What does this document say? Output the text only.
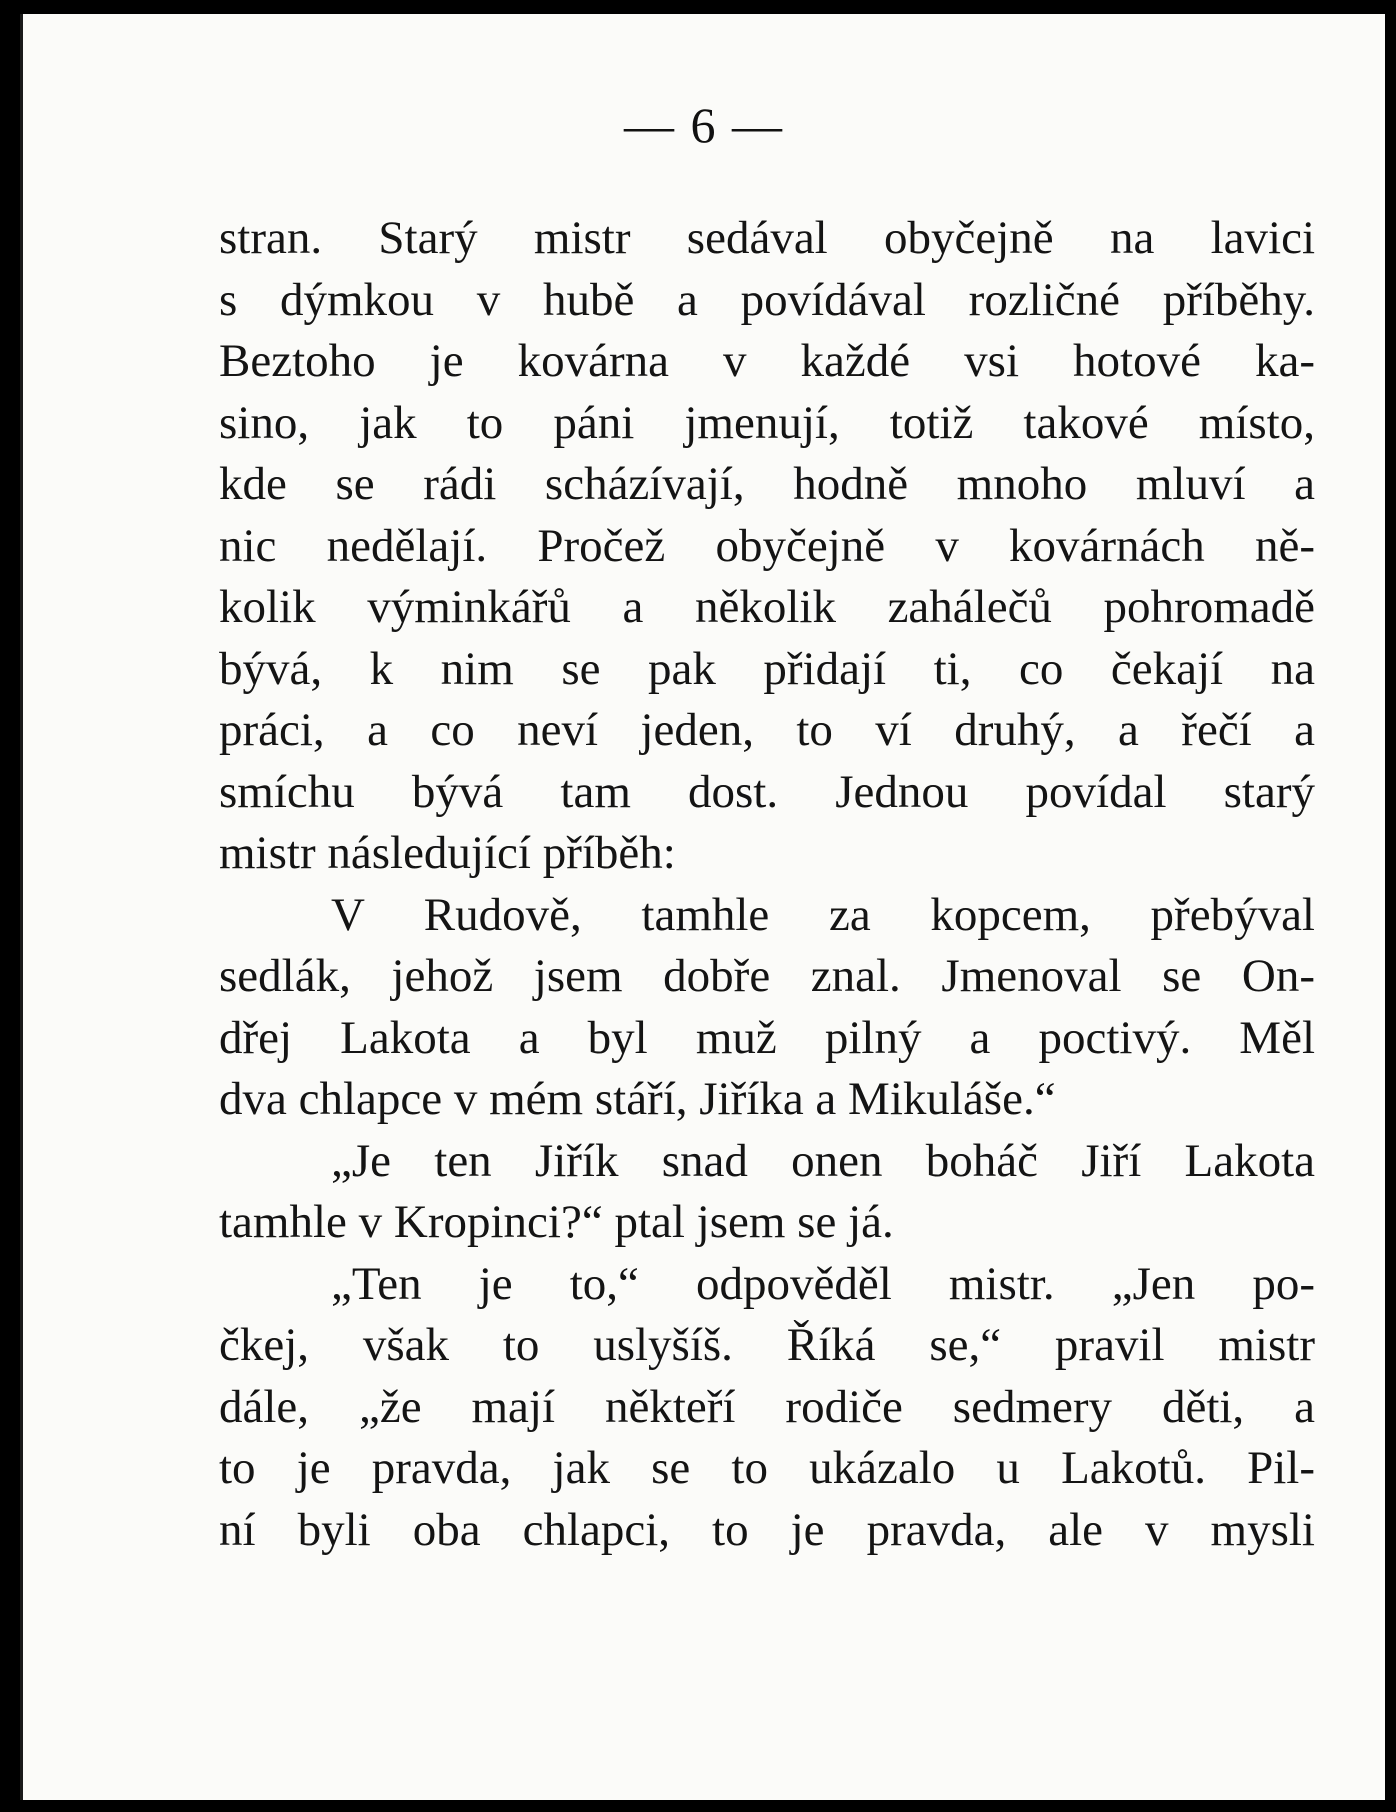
— 6 —
stran. Starý mistr sedával obyčejně na lavici
s dýmkou v hubě a povídával rozličné příběhy.
Beztoho je kovárna v každé vsi hotové ka-
sino, jak to páni jmenují, totiž takové místo,
kde se rádi scházívají, hodně mnoho mluví a
nic nedělají. Pročež obyčejně v kovárnách ně-
kolik výminkářů a několik zahálečů pohromadě
bývá, k nim se pak přidají ti, co čekají na
práci, a co neví jeden, to ví druhý, a řečí a
smíchu bývá tam dost. Jednou povídal starý
mistr následující příběh:
V Rudově, tamhle za kopcem, přebýval
sedlák, jehož jsem dobře znal. Jmenoval se On-
dřej Lakota a byl muž pilný a poctivý. Měl
dva chlapce v mém stáří, Jiříka a Mikuláše.“
„Je ten Jiřík snad onen boháč Jiří Lakota
tamhle v Kropinci?“ ptal jsem se já.
„Ten je to,“ odpověděl mistr. „Jen po-
čkej, však to uslyšíš. Říká se,“ pravil mistr
dále, „že mají někteří rodiče sedmery děti, a
to je pravda, jak se to ukázalo u Lakotů. Pil-
ní byli oba chlapci, to je pravda, ale v mysli
